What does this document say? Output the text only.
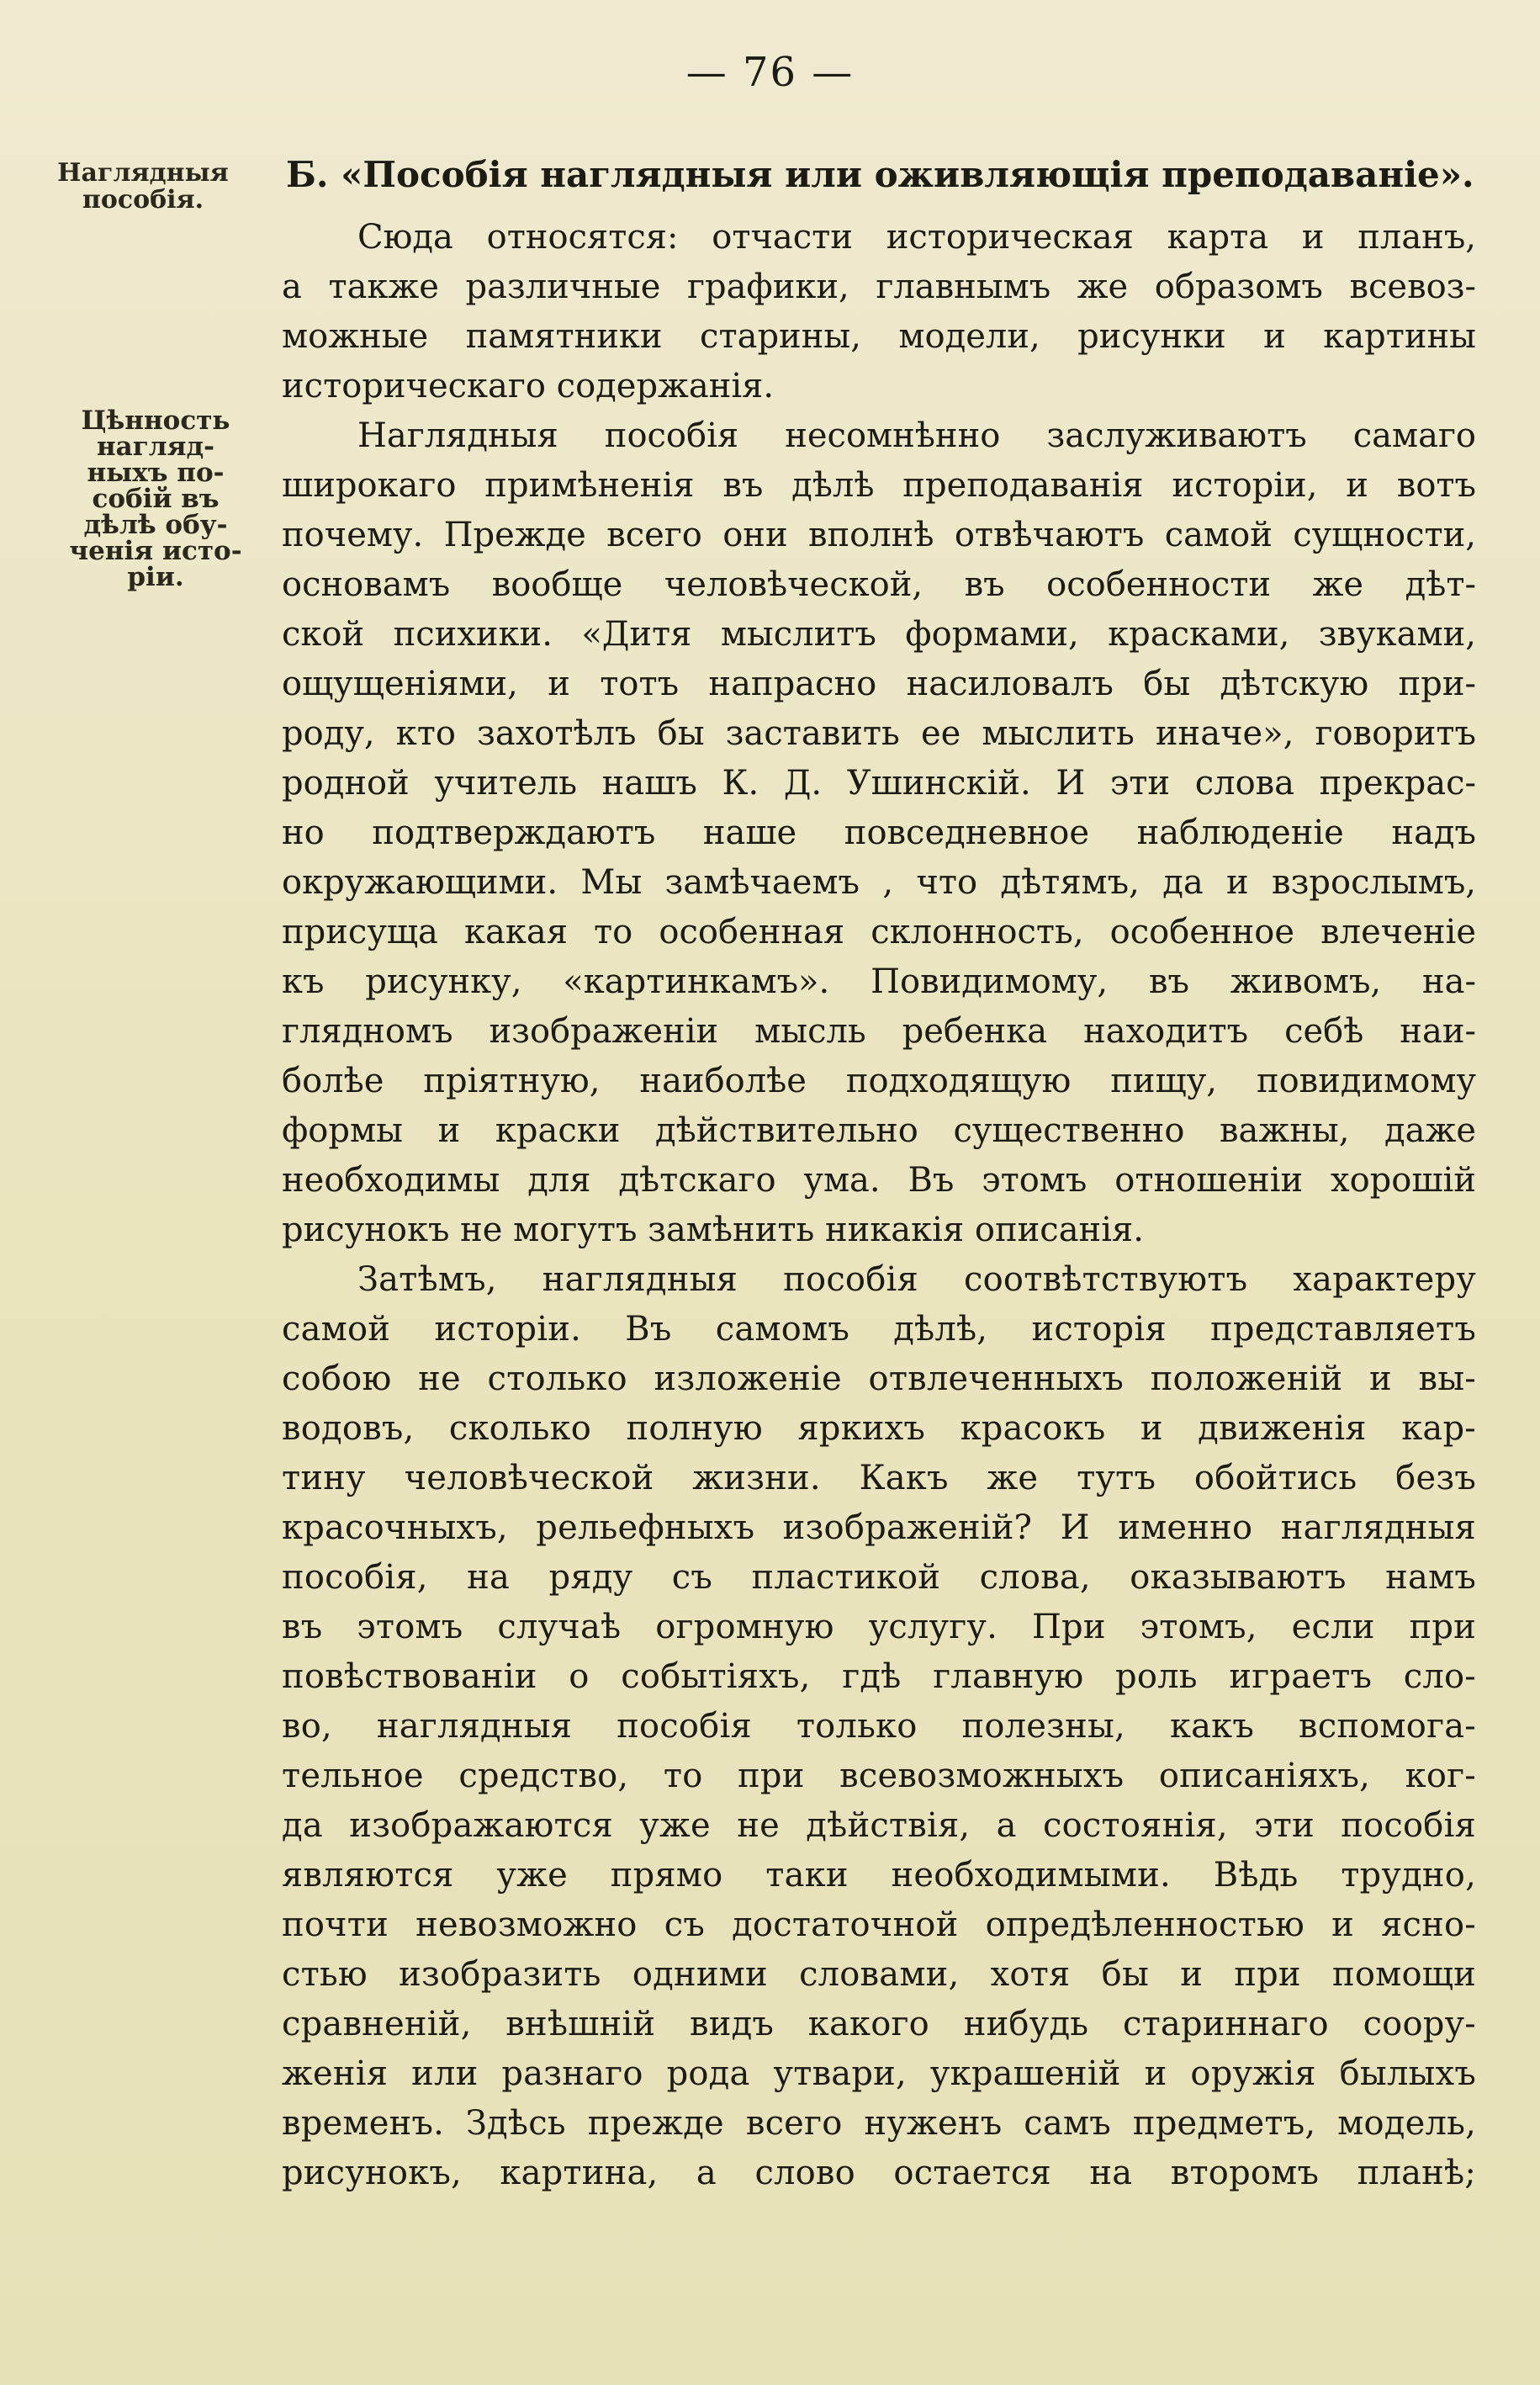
— 76 —
Наглядныя
пособія.
Цѣнность
нагляд-
ныхъ по-
собій въ
дѣлѣ обу-
ченія исто-
ріи.
Б. «Пособія наглядныя или оживляющія преподаваніе».
Сюда относятся: отчасти историческая карта и планъ,
а также различные графики, главнымъ же образомъ всевоз-
можные памятники старины, модели, рисунки и картины
историческаго содержанія.
Наглядныя пособія несомнѣнно заслуживаютъ самаго
широкаго примѣненія въ дѣлѣ преподаванія исторіи, и вотъ
почему. Прежде всего они вполнѣ отвѣчаютъ самой сущности,
основамъ вообще человѣческой, въ особенности же дѣт-
ской психики. «Дитя мыслитъ формами, красками, звуками,
ощущеніями, и тотъ напрасно насиловалъ бы дѣтскую при-
роду, кто захотѣлъ бы заставить ее мыслить иначе», говоритъ
родной учитель нашъ К. Д. Ушинскій. И эти слова прекрас-
но подтверждаютъ наше повседневное наблюденіе надъ
окружающими. Мы замѣчаемъ , что дѣтямъ, да и взрослымъ,
присуща какая то особенная склонность, особенное влеченіе
къ рисунку, «картинкамъ». Повидимому, въ живомъ, на-
глядномъ изображеніи мысль ребенка находитъ себѣ наи-
болѣе пріятную, наиболѣе подходящую пищу, повидимому
формы и краски дѣйствительно существенно важны, даже
необходимы для дѣтскаго ума. Въ этомъ отношеніи хорошій
рисунокъ не могутъ замѣнить никакія описанія.
Затѣмъ, наглядныя пособія соотвѣтствуютъ характеру
самой исторіи. Въ самомъ дѣлѣ, исторія представляетъ
собою не столько изложеніе отвлеченныхъ положеній и вы-
водовъ, сколько полную яркихъ красокъ и движенія кар-
тину человѣческой жизни. Какъ же тутъ обойтись безъ
красочныхъ, рельефныхъ изображеній? И именно наглядныя
пособія, на ряду съ пластикой слова, оказываютъ намъ
въ этомъ случаѣ огромную услугу. При этомъ, если при
повѣствованіи о событіяхъ, гдѣ главную роль играетъ сло-
во, наглядныя пособія только полезны, какъ вспомога-
тельное средство, то при всевозможныхъ описаніяхъ, ког-
да изображаются уже не дѣйствія, а состоянія, эти пособія
являются уже прямо таки необходимыми. Вѣдь трудно,
почти невозможно съ достаточной опредѣленностью и ясно-
стью изобразить одними словами, хотя бы и при помощи
сравненій, внѣшній видъ какого нибудь стариннаго соору-
женія или разнаго рода утвари, украшеній и оружія былыхъ
временъ. Здѣсь прежде всего нуженъ самъ предметъ, модель,
рисунокъ, картина, а слово остается на второмъ планѣ;
